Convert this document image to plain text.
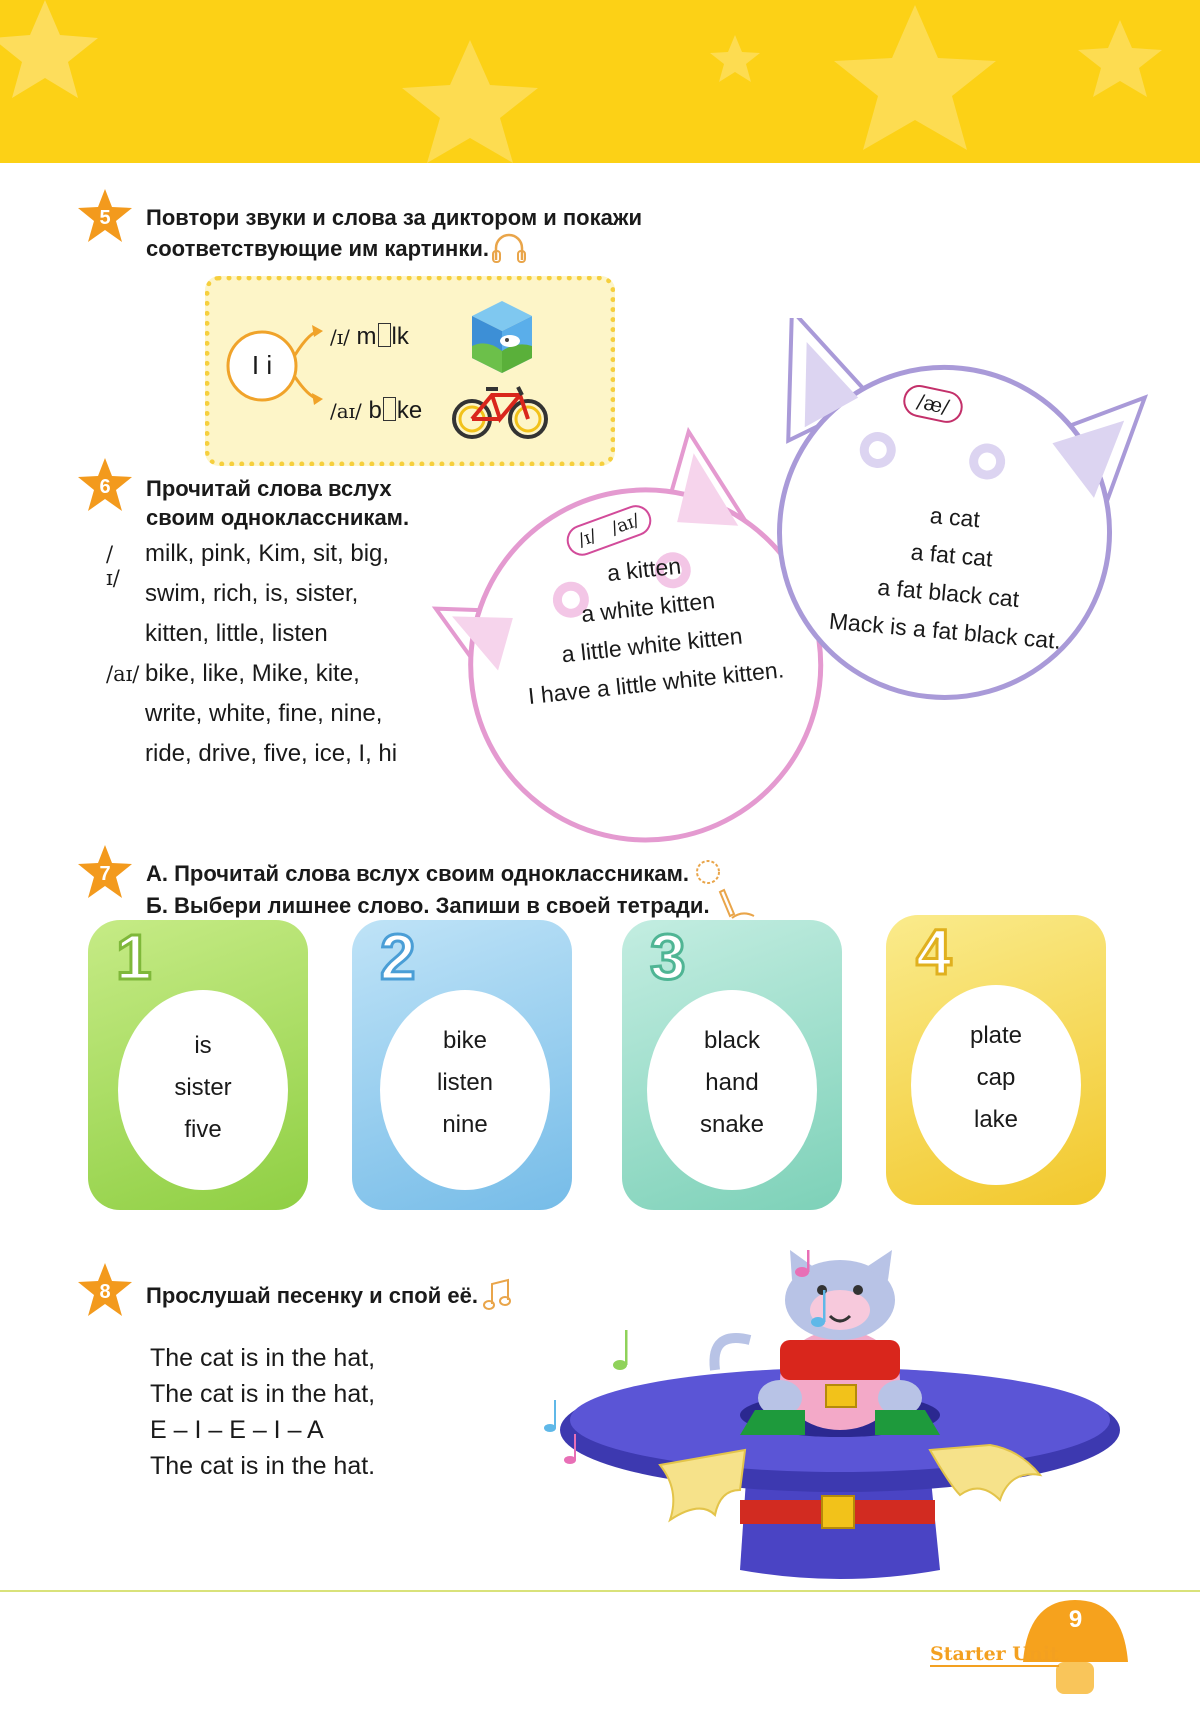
5	Повтори звуки и слова за диктором и покажи
соответствующие им картинки.
I i
/ɪ/ m lk
/aɪ/ b ke
6	Прочитай слова вслух
своим одноклассникам.
/ɪ/
milk, pink, Kim, sit, big,
swim, rich, is, sister,
kitten, little, listen
/aɪ/ bike, like, Mike, kite,
write, white, fine, nine,
ride, drive, five, ice, I, hi
/ɪ/   /aɪ/
a kitten
a white kitten
a little white kitten
I have a little white kitten.
/æ/
a cat
a fat cat
a fat black cat
Mack is a fat black cat.
7	А. Прочитай слова вслух своим одноклассникам.
Б. Выбери лишнее слово. Запиши в своей тетради.
1
is
sister
five
2
bike
listen
nine
3
black
hand
snake
4
plate
cap
lake
8	Прослушай песенку и спой её.
The cat is in the hat,
The cat is in the hat,
E – I – E – I – A
The cat is in the hat.
9
Starter Unit
